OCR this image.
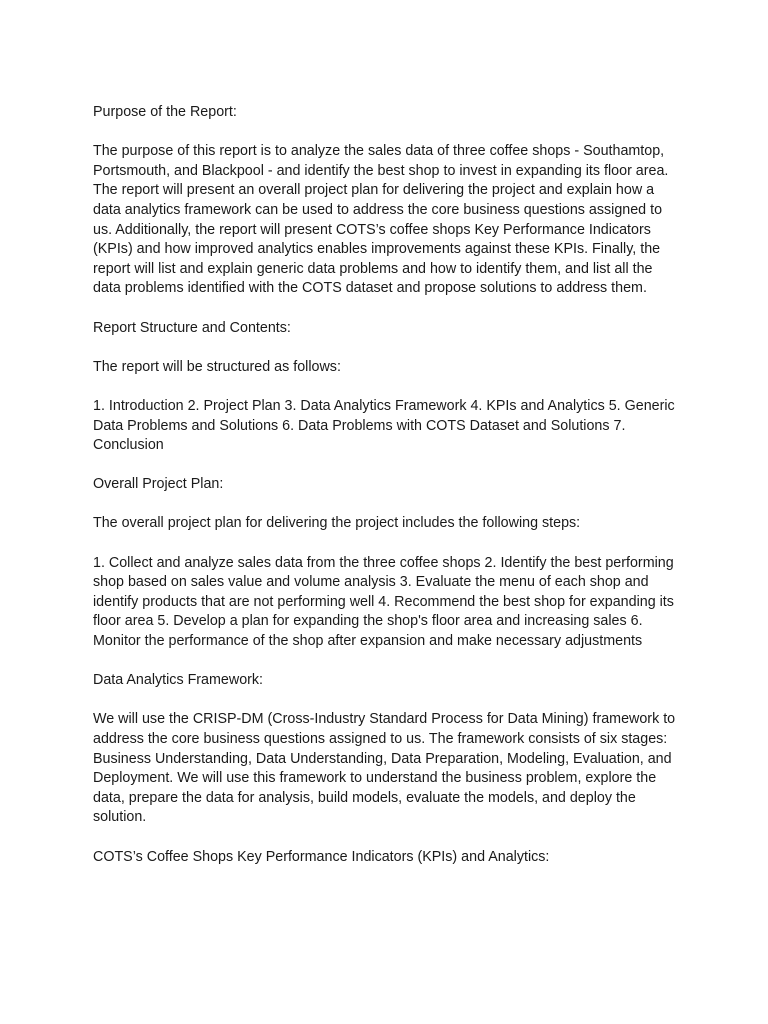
Purpose of the Report:

The purpose of this report is to analyze the sales data of three coffee shops - Southamtop, Portsmouth, and Blackpool - and identify the best shop to invest in expanding its floor area. The report will present an overall project plan for delivering the project and explain how a data analytics framework can be used to address the core business questions assigned to us. Additionally, the report will present COTS’s coffee shops Key Performance Indicators (KPIs) and how improved analytics enables improvements against these KPIs. Finally, the report will list and explain generic data problems and how to identify them, and list all the data problems identified with the COTS dataset and propose solutions to address them.

Report Structure and Contents:

The report will be structured as follows:

1. Introduction 2. Project Plan 3. Data Analytics Framework 4. KPIs and Analytics 5. Generic Data Problems and Solutions 6. Data Problems with COTS Dataset and Solutions 7. Conclusion

Overall Project Plan:

The overall project plan for delivering the project includes the following steps:

1. Collect and analyze sales data from the three coffee shops 2. Identify the best performing shop based on sales value and volume analysis 3. Evaluate the menu of each shop and identify products that are not performing well 4. Recommend the best shop for expanding its floor area 5. Develop a plan for expanding the shop's floor area and increasing sales 6. Monitor the performance of the shop after expansion and make necessary adjustments

Data Analytics Framework:

We will use the CRISP-DM (Cross-Industry Standard Process for Data Mining) framework to address the core business questions assigned to us. The framework consists of six stages: Business Understanding, Data Understanding, Data Preparation, Modeling, Evaluation, and Deployment. We will use this framework to understand the business problem, explore the data, prepare the data for analysis, build models, evaluate the models, and deploy the solution.

COTS’s Coffee Shops Key Performance Indicators (KPIs) and Analytics:
